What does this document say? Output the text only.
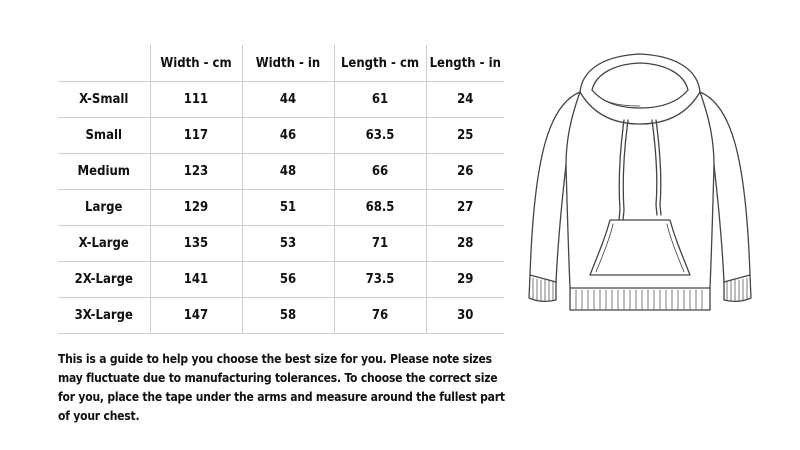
	Width - cm	Width - in	Length - cm	Length - in
X-Small	111	44	61	24
Small	117	46	63.5	25
Medium	123	48	66	26
Large	129	51	68.5	27
X-Large	135	53	71	28
2X-Large	141	56	73.5	29
3X-Large	147	58	76	30

This is a guide to help you choose the best size for you. Please note sizes may fluctuate due to manufacturing tolerances. To choose the correct size for you, place the tape under the arms and measure around the fullest part of your chest.
